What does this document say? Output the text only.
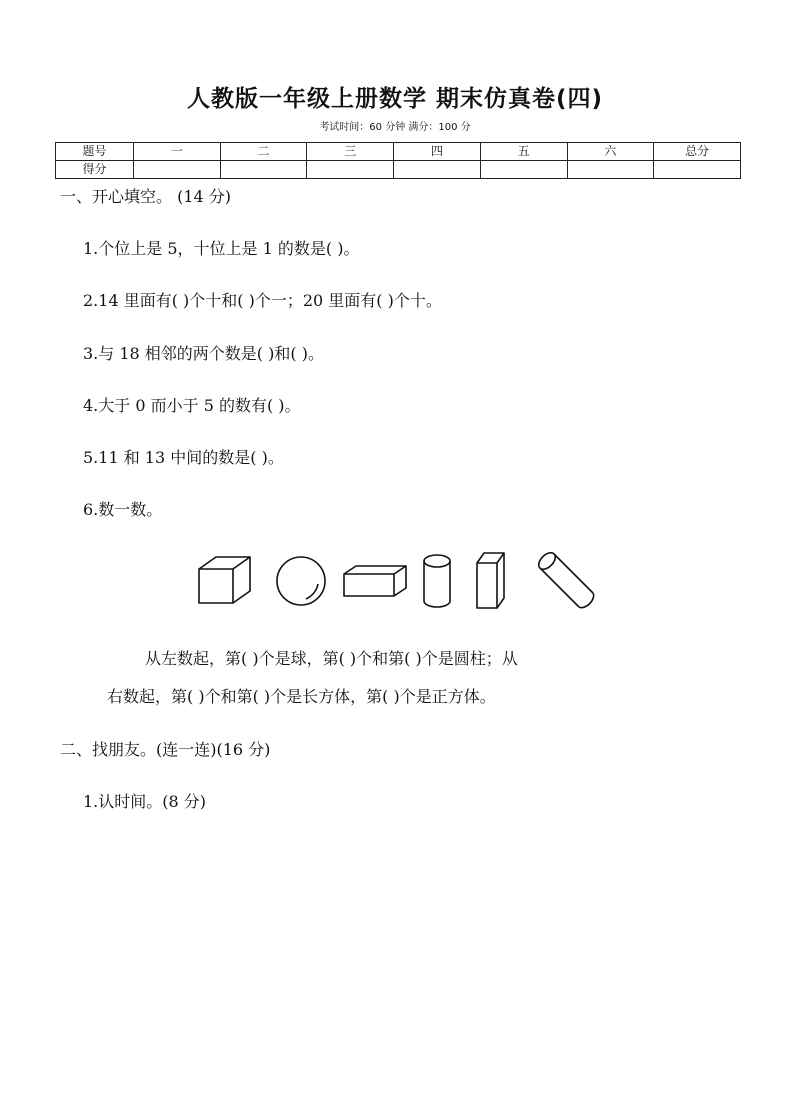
人教版一年级上册数学 期末仿真卷(四)
考试时间：60 分钟 满分：100 分
题号	一	二	三	四	五	六	总分
得分							
一、开心填空。 (14 分)
1.个位上是 5，十位上是 1 的数是( )。
2.14 里面有( )个十和( )个一；20 里面有( )个十。
3.与 18 相邻的两个数是( )和( )。
4.大于 0 而小于 5 的数有( )。
5.11 和 13 中间的数是( )。
6.数一数。
从左数起，第( )个是球，第( )个和第( )个是圆柱；从
右数起，第( )个和第( )个是长方体，第( )个是正方体。
二、找朋友。(连一连)(16 分)
1.认时间。(8 分)
